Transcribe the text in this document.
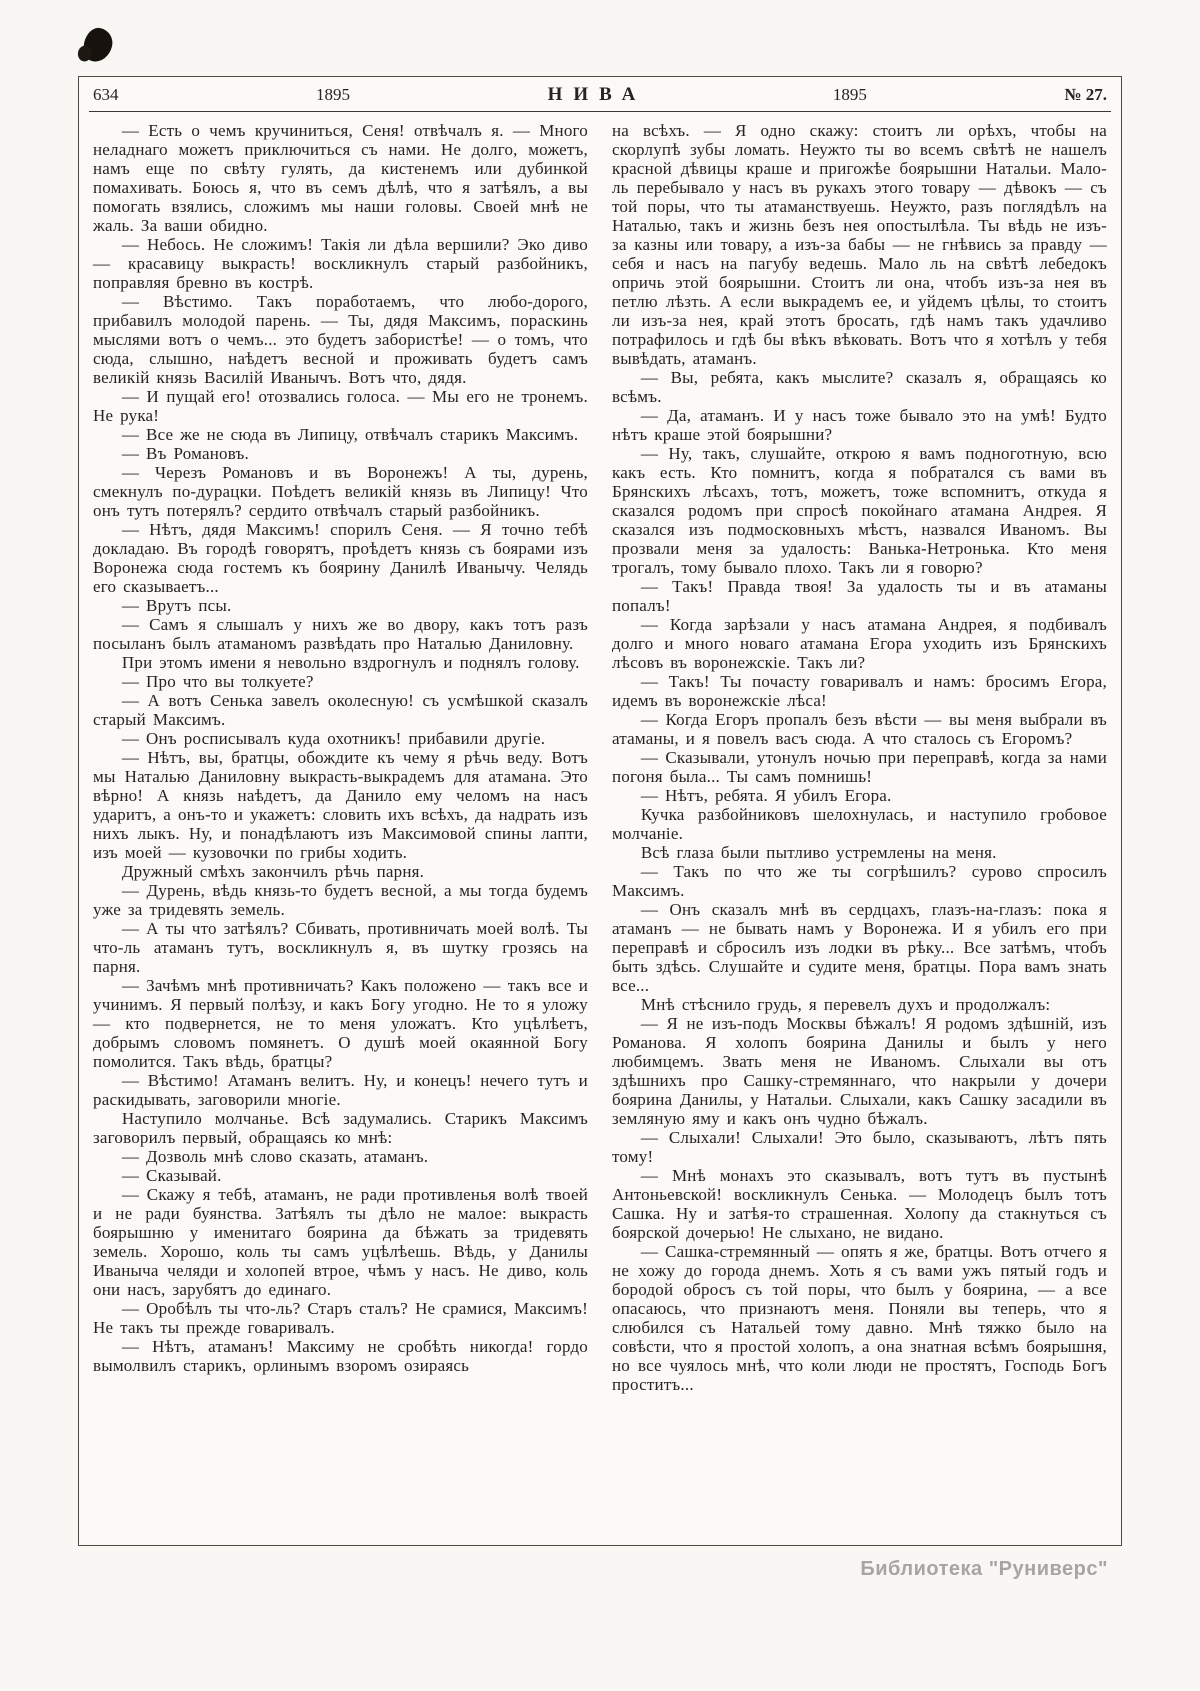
634	1895	НИВА	1895	№ 27.

— Есть о чемъ кручиниться, Сеня! отвѣчалъ я. — Много неладнаго можетъ приключиться съ нами. Не долго, можетъ, намъ еще по свѣту гулять, да кистенемъ или дубинкой помахивать. Боюсь я, что въ семъ дѣлѣ, что я затѣялъ, а вы помогать взялись, сложимъ мы наши головы. Своей мнѣ не жаль. За ваши обидно.

— Небось. Не сложимъ! Такія ли дѣла вершили? Эко диво — красавицу выкрасть! воскликнулъ старый разбойникъ, поправляя бревно въ кострѣ.

— Вѣстимо. Такъ поработаемъ, что любо-дорого, прибавилъ молодой парень. — Ты, дядя Максимъ, пораскинь мыслями вотъ о чемъ... это будетъ забористѣе! — о томъ, что сюда, слышно, наѣдетъ весной и проживать будетъ самъ великій князь Василій Иванычъ. Вотъ что, дядя.

— И пущай его! отозвались голоса. — Мы его не тронемъ. Не рука!

— Все же не сюда въ Липицу, отвѣчалъ старикъ Максимъ.

— Въ Романовъ.

— Черезъ Романовъ и въ Воронежъ! А ты, дурень, смекнулъ по-дурацки. Поѣдетъ великій князь въ Липицу! Что онъ тутъ потерялъ? сердито отвѣчалъ старый разбойникъ.

— Нѣтъ, дядя Максимъ! спорилъ Сеня. — Я точно тебѣ докладаю. Въ городѣ говорятъ, проѣдетъ князь съ боярами изъ Воронежа сюда гостемъ къ боярину Данилѣ Иванычу. Челядь его сказываетъ...

— Врутъ псы.

— Самъ я слышалъ у нихъ же во двору, какъ тотъ разъ посыланъ былъ атаманомъ развѣдать про Наталью Даниловну.

При этомъ имени я невольно вздрогнулъ и поднялъ голову.

— Про что вы толкуете?

— А вотъ Сенька завелъ околесную! съ усмѣшкой сказалъ старый Максимъ.

— Онъ росписывалъ куда охотникъ! прибавили другіе.

— Нѣтъ, вы, братцы, обождите къ чему я рѣчь веду. Вотъ мы Наталью Даниловну выкрасть-выкрадемъ для атамана. Это вѣрно! А князь наѣдетъ, да Данило ему челомъ на насъ ударитъ, а онъ-то и укажетъ: словить ихъ всѣхъ, да надрать изъ нихъ лыкъ. Ну, и понадѣлаютъ изъ Максимовой спины лапти, изъ моей — кузовочки по грибы ходить.

Дружный смѣхъ закончилъ рѣчь парня.

— Дурень, вѣдь князь-то будетъ весной, а мы тогда будемъ уже за тридевять земель.

— А ты что затѣялъ? Сбивать, противничать моей волѣ. Ты что-ль атаманъ тутъ, воскликнулъ я, въ шутку грозясь на парня.

— Зачѣмъ мнѣ противничать? Какъ положено — такъ все и учинимъ. Я первый полѣзу, и какъ Богу угодно. Не то я уложу — кто подвернется, не то меня уложатъ. Кто уцѣлѣетъ, добрымъ словомъ помянетъ. О душѣ моей окаянной Богу помолится. Такъ вѣдь, братцы?

— Вѣстимо! Атаманъ велитъ. Ну, и конецъ! нечего тутъ и раскидывать, заговорили многіе.

Наступило молчанье. Всѣ задумались. Старикъ Максимъ заговорилъ первый, обращаясь ко мнѣ:

— Дозволь мнѣ слово сказать, атаманъ.

— Сказывай.

— Скажу я тебѣ, атаманъ, не ради противленья волѣ твоей и не ради буянства. Затѣялъ ты дѣло не малое: выкрасть боярышню у именитаго боярина да бѣжать за тридевять земель. Хорошо, коль ты самъ уцѣлѣешь. Вѣдь, у Данилы Иваныча челяди и холопей втрое, чѣмъ у насъ. Не диво, коль они насъ, зарубятъ до единаго.

— Оробѣлъ ты что-ль? Старъ сталъ? Не срамися, Максимъ! Не такъ ты прежде говаривалъ.

— Нѣтъ, атаманъ! Максиму не сробѣть никогда! гордо вымолвилъ старикъ, орлинымъ взоромъ озираясь

на всѣхъ. — Я одно скажу: стоитъ ли орѣхъ, чтобы на скорлупѣ зубы ломать. Неужто ты во всемъ свѣтѣ не нашелъ красной дѣвицы краше и пригожѣе боярышни Натальи. Мало-ль перебывало у насъ въ рукахъ этого товару — дѣвокъ — съ той поры, что ты атаманствуешь. Неужто, разъ поглядѣлъ на Наталью, такъ и жизнь безъ нея опостылѣла. Ты вѣдь не изъ-за казны или товару, а изъ-за бабы — не гнѣвись за правду — себя и насъ на пагубу ведешь. Мало ль на свѣтѣ лебедокъ опричь этой боярышни. Стоитъ ли она, чтобъ изъ-за нея въ петлю лѣзть. А если выкрадемъ ее, и уйдемъ цѣлы, то стоитъ ли изъ-за нея, край этотъ бросать, гдѣ намъ такъ удачливо потрафилось и гдѣ бы вѣкъ вѣковать. Вотъ что я хотѣлъ у тебя вывѣдать, атаманъ.

— Вы, ребята, какъ мыслите? сказалъ я, обращаясь ко всѣмъ.

— Да, атаманъ. И у насъ тоже бывало это на умѣ! Будто нѣтъ краше этой боярышни?

— Ну, такъ, слушайте, открою я вамъ подноготную, всю какъ есть. Кто помнитъ, когда я побратался съ вами въ Брянскихъ лѣсахъ, тотъ, можетъ, тоже вспомнитъ, откуда я сказался родомъ при спросѣ покойнаго атамана Андрея. Я сказался изъ подмосковныхъ мѣстъ, назвался Иваномъ. Вы прозвали меня за удалость: Ванька-Нетронька. Кто меня трогалъ, тому бывало плохо. Такъ ли я говорю?

— Такъ! Правда твоя! За удалость ты и въ атаманы попалъ!

— Когда зарѣзали у насъ атамана Андрея, я подбивалъ долго и много новаго атамана Егора уходить изъ Брянскихъ лѣсовъ въ воронежскіе. Такъ ли?

— Такъ! Ты почасту говаривалъ и намъ: бросимъ Егора, идемъ въ воронежскіе лѣса!

— Когда Егоръ пропалъ безъ вѣсти — вы меня выбрали въ атаманы, и я повелъ васъ сюда. А что сталось съ Егоромъ?

— Сказывали, утонулъ ночью при переправѣ, когда за нами погоня была... Ты самъ помнишь!

— Нѣтъ, ребята. Я убилъ Егора.

Кучка разбойниковъ шелохнулась, и наступило гробовое молчаніе.

Всѣ глаза были пытливо устремлены на меня.

— Такъ по что же ты согрѣшилъ? сурово спросилъ Максимъ.

— Онъ сказалъ мнѣ въ сердцахъ, глазъ-на-глазъ: пока я атаманъ — не бывать намъ у Воронежа. И я убилъ его при переправѣ и сбросилъ изъ лодки въ рѣку... Все затѣмъ, чтобъ быть здѣсь. Слушайте и судите меня, братцы. Пора вамъ знать все...

Мнѣ стѣснило грудь, я перевелъ духъ и продолжалъ:

— Я не изъ-подъ Москвы бѣжалъ! Я родомъ здѣшній, изъ Романова. Я холопъ боярина Данилы и былъ у него любимцемъ. Звать меня не Иваномъ. Слыхали вы отъ здѣшнихъ про Сашку-стремяннаго, что накрыли у дочери боярина Данилы, у Натальи. Слыхали, какъ Сашку засадили въ земляную яму и какъ онъ чудно бѣжалъ.

— Слыхали! Слыхали! Это было, сказываютъ, лѣтъ пять тому!

— Мнѣ монахъ это сказывалъ, вотъ тутъ въ пустынѣ Антоньевской! воскликнулъ Сенька. — Молодецъ былъ тотъ Сашка. Ну и затѣя-то страшенная. Холопу да стакнуться съ боярской дочерью! Не слыхано, не видано.

— Сашка-стремянный — опять я же, братцы. Вотъ отчего я не хожу до города днемъ. Хоть я съ вами ужъ пятый годъ и бородой обросъ съ той поры, что былъ у боярина, — а все опасаюсь, что признаютъ меня. Поняли вы теперь, что я слюбился съ Натальей тому давно. Мнѣ тяжко было на совѣсти, что я простой холопъ, а она знатная всѣмъ боярышня, но все чуялось мнѣ, что коли люди не простятъ, Господь Богъ проститъ...

Библиотека "Руниверс"
